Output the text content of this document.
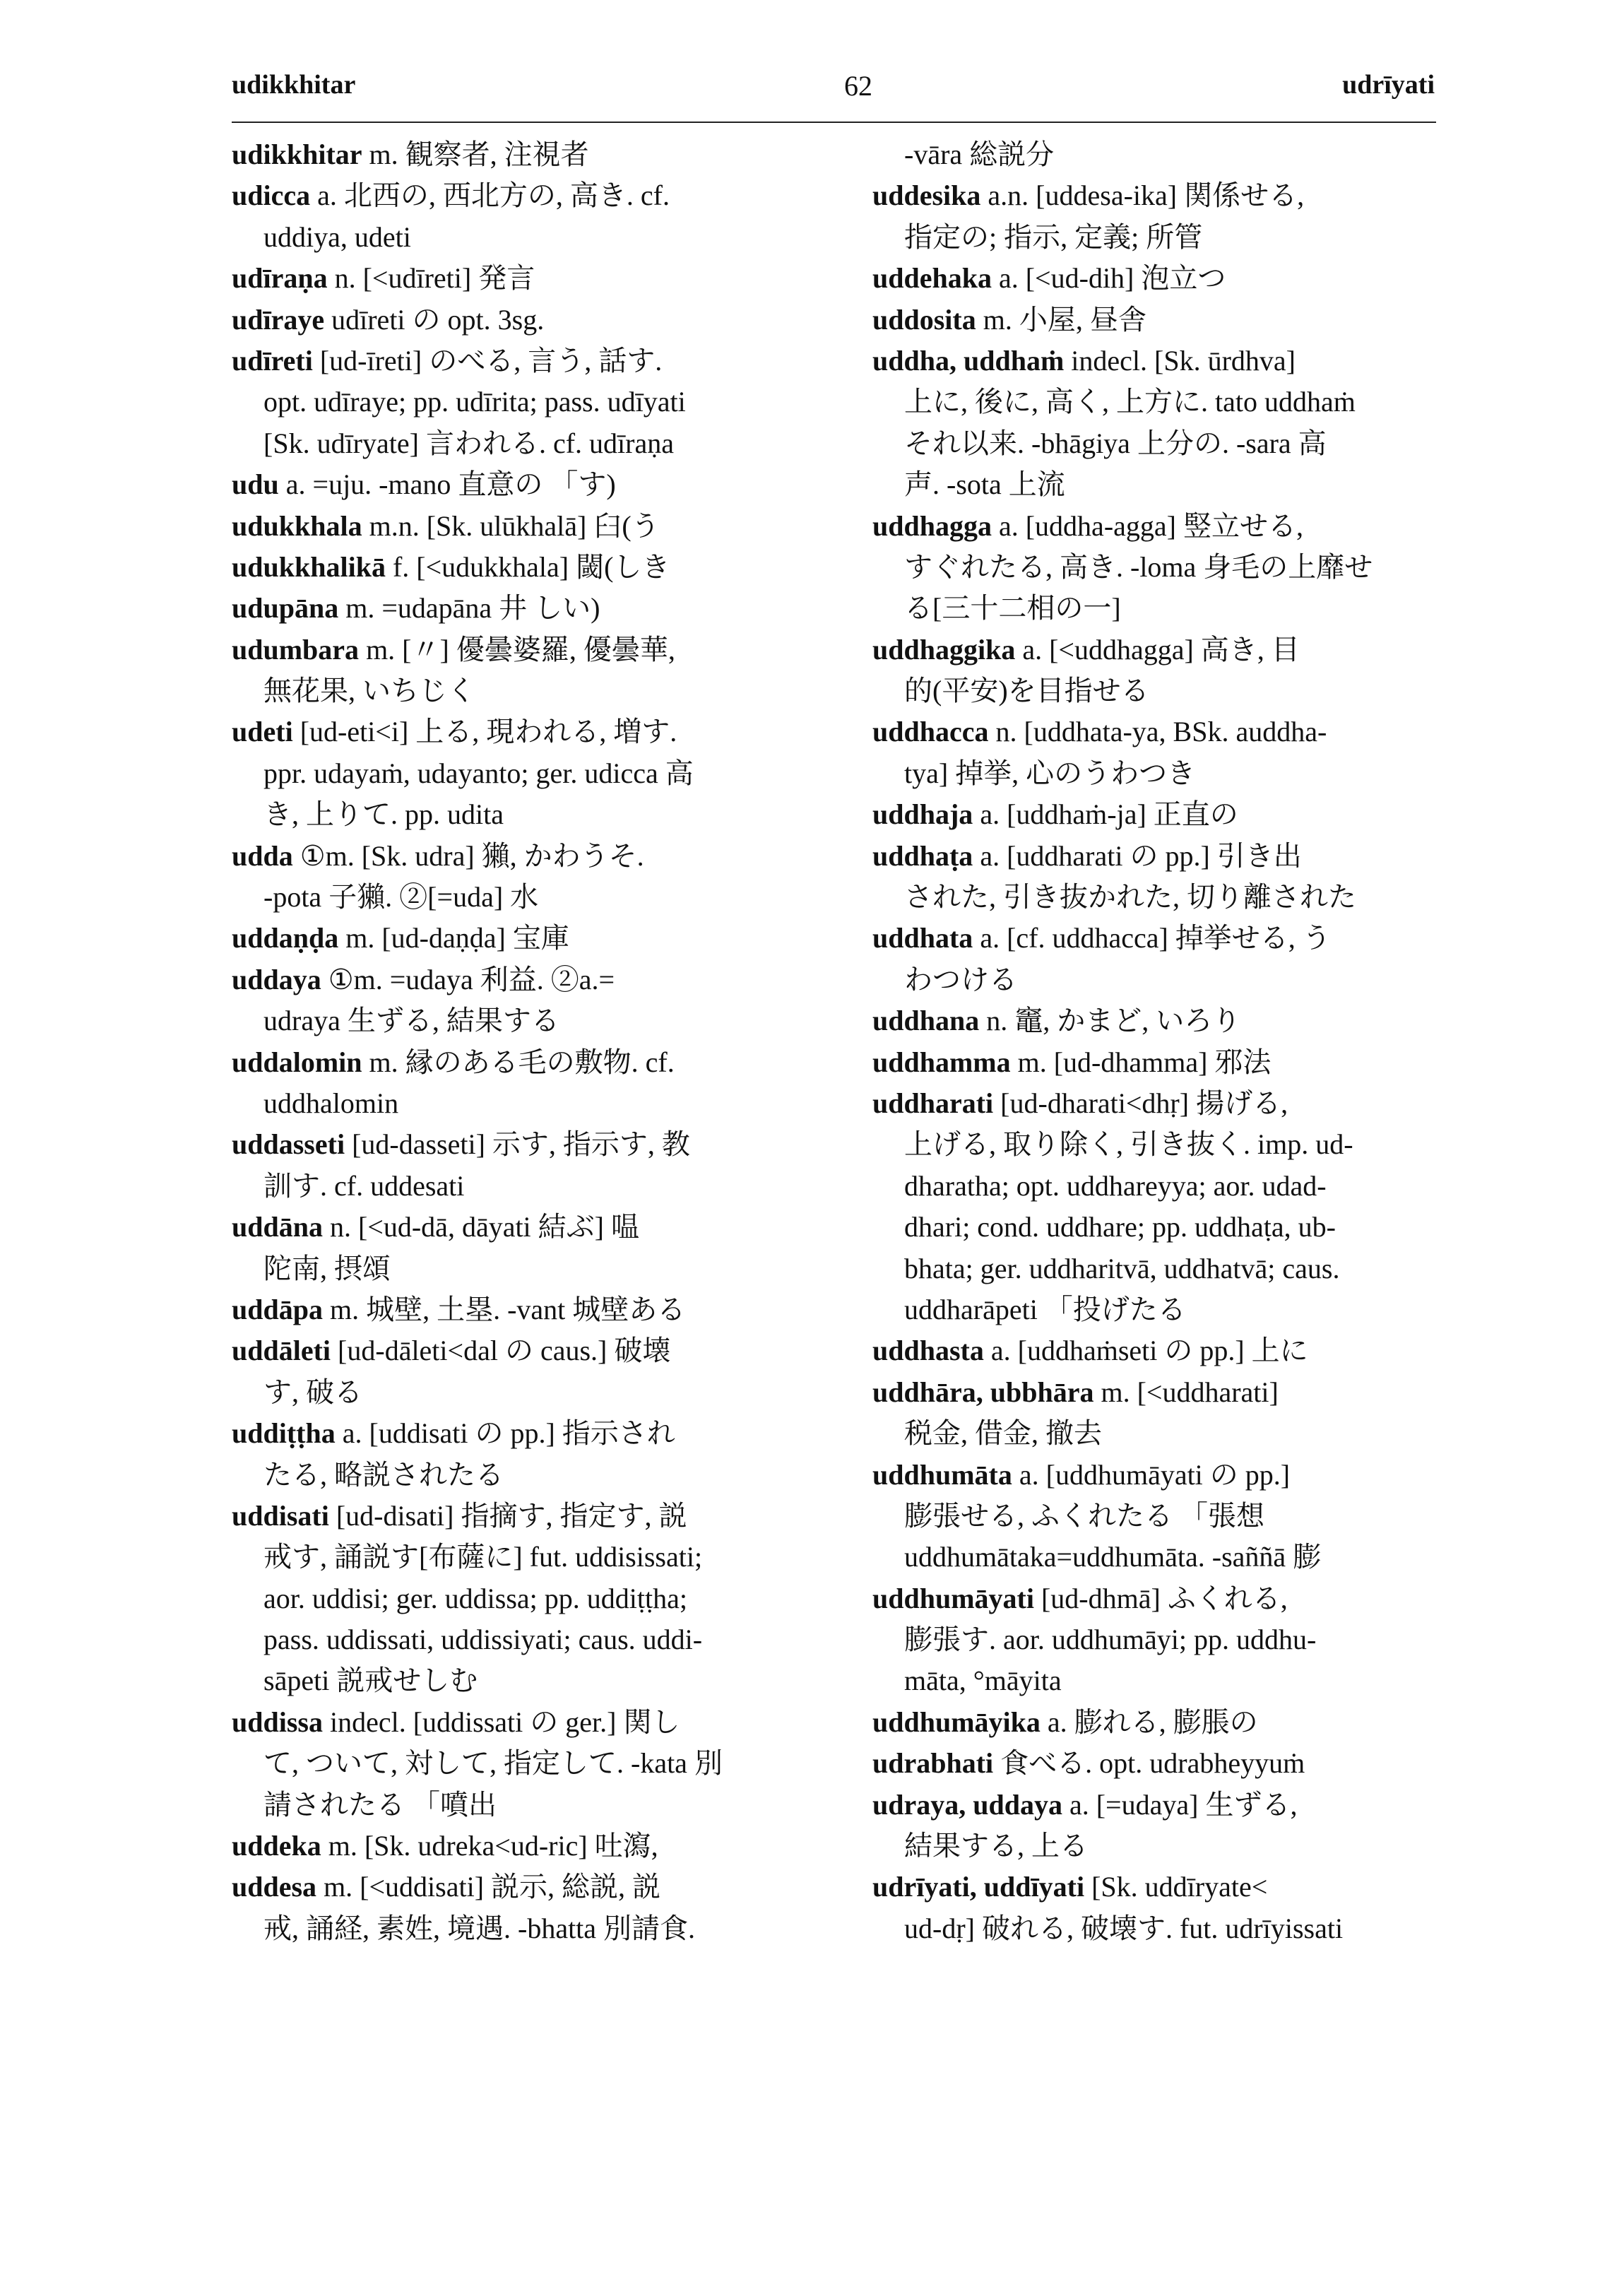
udikkhitar	62	udrīyati
udikkhitar m. 観察者, 注視者
udicca a. 北西の, 西北方の, 高き. cf.
uddiya, udeti
udīraṇa n. [<udīreti] 発言
udīraye udīreti の opt. 3sg.
udīreti [ud-īreti] のべる, 言う, 話す.
opt. udīraye; pp. udīrita; pass. udīyati
[Sk. udīryate] 言われる. cf. udīraṇa
udu a. =uju. -mano 直意の 「す)
udukkhala m.n. [Sk. ulūkhalā] 臼(う
udukkhalikā f. [<udukkhala] 閾(しき
udupāna m. =udapāna 井 しい)
udumbara m. [〃] 優曇婆羅, 優曇華,
無花果, いちじく
udeti [ud-eti<i] 上る, 現われる, 増す.
ppr. udayaṁ, udayanto; ger. udicca 高
き, 上りて. pp. udita
udda ①m. [Sk. udra] 獺, かわうそ.
-pota 子獺. ②[=uda] 水
uddaṇḍa m. [ud-daṇḍa] 宝庫
uddaya ①m. =udaya 利益. ②a.=
udraya 生ずる, 結果する
uddalomin m. 縁のある毛の敷物. cf.
uddhalomin
uddasseti [ud-dasseti] 示す, 指示す, 教
訓す. cf. uddesati
uddāna n. [<ud-dā, dāyati 結ぶ] 嗢
陀南, 摂頌
uddāpa m. 城壁, 土塁. -vant 城壁ある
uddāleti [ud-dāleti<dal の caus.] 破壊
す, 破る
uddiṭṭha a. [uddisati の pp.] 指示され
たる, 略説されたる
uddisati [ud-disati] 指摘す, 指定す, 説
戒す, 誦説す[布薩に] fut. uddisissati;
aor. uddisi; ger. uddissa; pp. uddiṭṭha;
pass. uddissati, uddissiyati; caus. uddi-
sāpeti 説戒せしむ
uddissa indecl. [uddissati の ger.] 関し
て, ついて, 対して, 指定して. -kata 別
請されたる 「噴出
uddeka m. [Sk. udreka<ud-ric] 吐瀉,
uddesa m. [<uddisati] 説示, 総説, 説
戒, 誦経, 素姓, 境遇. -bhatta 別請食.
-vāra 総説分
uddesika a.n. [uddesa-ika] 関係せる,
指定の; 指示, 定義; 所管
uddehaka a. [<ud-dih] 泡立つ
uddosita m. 小屋, 昼舎
uddha, uddhaṁ indecl. [Sk. ūrdhva]
上に, 後に, 高く, 上方に. tato uddhaṁ
それ以来. -bhāgiya 上分の. -sara 高
声. -sota 上流
uddhagga a. [uddha-agga] 竪立せる,
すぐれたる, 高き. -loma 身毛の上靡せ
る[三十二相の一]
uddhaggika a. [<uddhagga] 高き, 目
的(平安)を目指せる
uddhacca n. [uddhata-ya, BSk. auddha-
tya] 掉挙, 心のうわつき
uddhaja a. [uddhaṁ-ja] 正直の
uddhaṭa a. [uddharati の pp.] 引き出
された, 引き抜かれた, 切り離された
uddhata a. [cf. uddhacca] 掉挙せる, う
わつける
uddhana n. 竈, かまど, いろり
uddhamma m. [ud-dhamma] 邪法
uddharati [ud-dharati<dhṛ] 揚げる,
上げる, 取り除く, 引き抜く. imp. ud-
dharatha; opt. uddhareyya; aor. udad-
dhari; cond. uddhare; pp. uddhaṭa, ub-
bhata; ger. uddharitvā, uddhatvā; caus.
uddharāpeti 「投げたる
uddhasta a. [uddhaṁseti の pp.] 上に
uddhāra, ubbhāra m. [<uddharati]
税金, 借金, 撤去
uddhumāta a. [uddhumāyati の pp.]
膨張せる, ふくれたる 「張想
uddhumātaka=uddhumāta. -saññā 膨
uddhumāyati [ud-dhmā] ふくれる,
膨張す. aor. uddhumāyi; pp. uddhu-
māta, °māyita
uddhumāyika a. 膨れる, 膨脹の
udrabhati 食べる. opt. udrabheyyuṁ
udraya, uddaya a. [=udaya] 生ずる,
結果する, 上る
udrīyati, uddīyati [Sk. uddīryate<
ud-dṛ] 破れる, 破壊す. fut. udrīyissati
